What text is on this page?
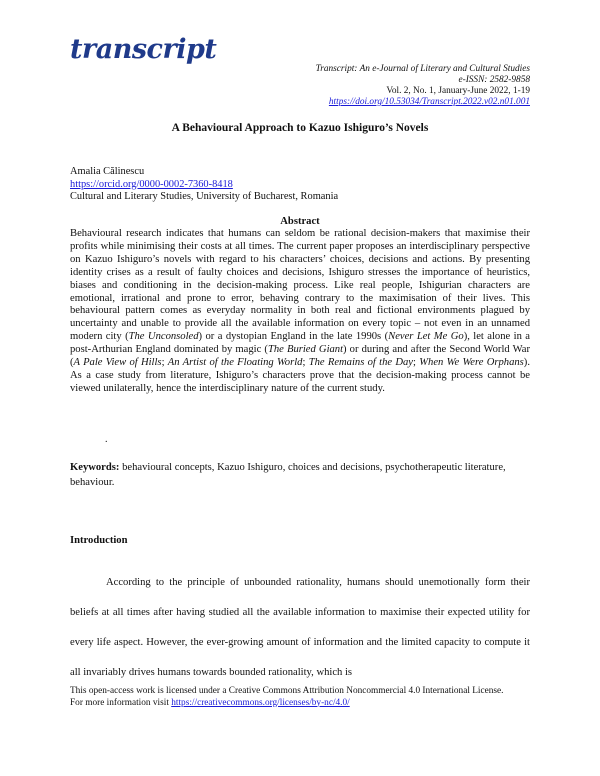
transcript
Transcript: An e-Journal of Literary and Cultural Studies
e-ISSN: 2582-9858
Vol. 2, No. 1, January-June 2022, 1-19
https://doi.org/10.53034/Transcript.2022.v02.n01.001
A Behavioural Approach to Kazuo Ishiguro’s Novels
Amalia Călinescu
https://orcid.org/0000-0002-7360-8418
Cultural and Literary Studies, University of Bucharest, Romania
Abstract

Behavioural research indicates that humans can seldom be rational decision-makers that maximise their profits while minimising their costs at all times. The current paper proposes an interdisciplinary perspective on Kazuo Ishiguro’s novels with regard to his characters’ choices, decisions and actions. By presenting identity crises as a result of faulty choices and decisions, Ishiguro stresses the importance of heuristics, biases and conditioning in the decision-making process. Like real people, Ishigurian characters are emotional, irrational and prone to error, behaving contrary to the maximisation of their lives. This behavioural pattern comes as everyday normality in both real and fictional environments plagued by uncertainty and unable to provide all the available information on every topic – not even in an unnamed modern city (The Unconsoled) or a dystopian England in the late 1990s (Never Let Me Go), let alone in a post-Arthurian England dominated by magic (The Buried Giant) or during and after the Second World War (A Pale View of Hills; An Artist of the Floating World; The Remains of the Day; When We Were Orphans). As a case study from literature, Ishiguro’s characters prove that the decision-making process cannot be viewed unilaterally, hence the interdisciplinary nature of the current study.

.

Keywords: behavioural concepts, Kazuo Ishiguro, choices and decisions, psychotherapeutic literature, behaviour.

Introduction

According to the principle of unbounded rationality, humans should unemotionally form their beliefs at all times after having studied all the available information to maximise their expected utility for every life aspect. However, the ever-growing amount of information and the limited capacity to compute it all invariably drives humans towards bounded rationality, which is

This open-access work is licensed under a Creative Commons Attribution Noncommercial 4.0 International License.
For more information visit https://creativecommons.org/licenses/by-nc/4.0/
